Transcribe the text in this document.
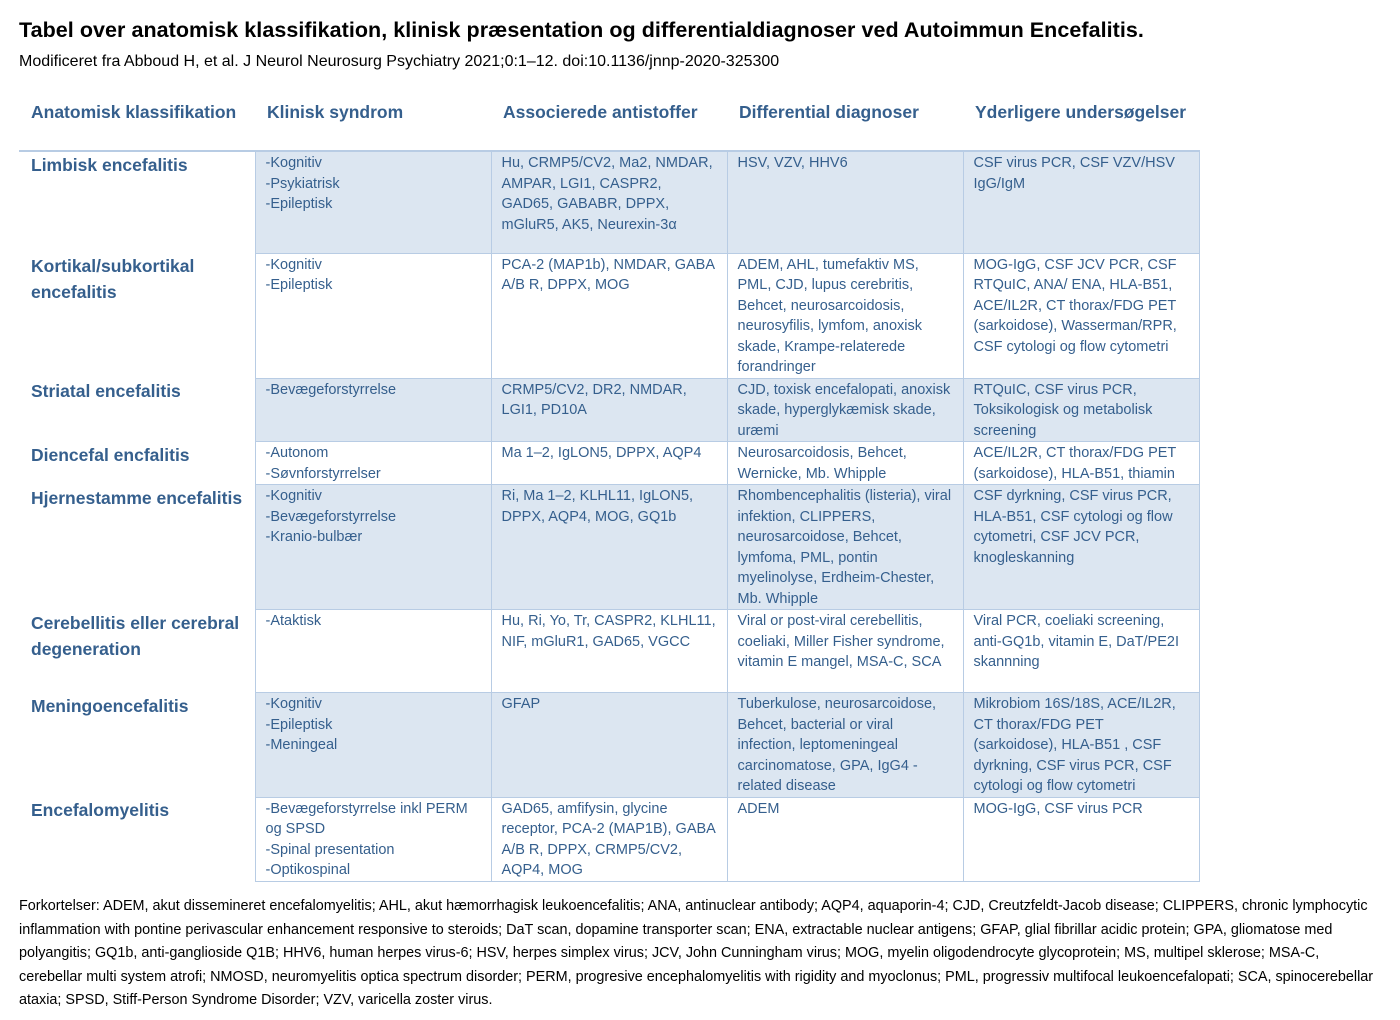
Tabel over anatomisk klassifikation, klinisk præsentation og differentialdiagnoser ved Autoimmun Encefalitis.
Modificeret fra Abboud H, et al. J Neurol Neurosurg Psychiatry 2021;0:1–12. doi:10.1136/jnnp-2020-325300
Anatomisk klassifikation	Klinisk syndrom	Associerede antistoffer	Differential diagnoser	Yderligere undersøgelser
Limbisk encefalitis	-Kognitiv
-Psykiatrisk
-Epileptisk	Hu, CRMP5/CV2, Ma2, NMDAR, AMPAR, LGI1, CASPR2, GAD65, GABABR, DPPX, mGluR5, AK5, Neurexin-3α	HSV, VZV, HHV6	CSF virus PCR, CSF VZV/HSV IgG/IgM
Kortikal/subkortikal encefalitis	-Kognitiv
-Epileptisk	PCA-2 (MAP1b), NMDAR, GABA A/B R, DPPX, MOG	ADEM, AHL, tumefaktiv MS, PML, CJD, lupus cerebritis, Behcet, neurosarcoidosis, neurosyfilis, lymfom, anoxisk skade, Krampe-relaterede forandringer	MOG-IgG, CSF JCV PCR, CSF RTQuIC, ANA/ ENA, HLA-B51, ACE/IL2R, CT thorax/FDG PET (sarkoidose), Wasserman/RPR, CSF cytologi og flow cytometri
Striatal encefalitis	-Bevægeforstyrrelse	CRMP5/CV2, DR2, NMDAR, LGI1, PD10A	CJD, toxisk encefalopati, anoxisk skade, hyperglykæmisk skade, uræmi	RTQuIC, CSF virus PCR, Toksikologisk og metabolisk screening
Diencefal encfalitis	-Autonom
-Søvnforstyrrelser	Ma 1–2, IgLON5, DPPX, AQP4	Neurosarcoidosis, Behcet, Wernicke, Mb. Whipple	ACE/IL2R, CT thorax/FDG PET (sarkoidose), HLA-B51, thiamin
Hjernestamme encefalitis	-Kognitiv
-Bevægeforstyrrelse
-Kranio-bulbær	Ri, Ma 1–2, KLHL11, IgLON5, DPPX, AQP4, MOG, GQ1b	Rhombencephalitis (listeria), viral infektion, CLIPPERS, neurosarcoidose, Behcet, lymfoma, PML, pontin myelinolyse, Erdheim-Chester, Mb. Whipple	CSF dyrkning, CSF virus PCR, HLA-B51, CSF cytologi og flow cytometri, CSF JCV PCR, knogleskanning
Cerebellitis eller cerebral degeneration	-Ataktisk	Hu, Ri, Yo, Tr, CASPR2, KLHL11, NIF, mGluR1, GAD65, VGCC	Viral or post-viral cerebellitis, coeliaki, Miller Fisher syndrome, vitamin E mangel, MSA-C, SCA	Viral PCR, coeliaki screening, anti-GQ1b, vitamin E, DaT/PE2I skannning
Meningoencefalitis	-Kognitiv
-Epileptisk
-Meningeal	GFAP	Tuberkulose, neurosarcoidose, Behcet, bacterial or viral infection, leptomeningeal carcinomatose, GPA, IgG4 -related disease	Mikrobiom 16S/18S, ACE/IL2R, CT thorax/FDG PET (sarkoidose), HLA-B51 , CSF dyrkning, CSF virus PCR, CSF cytologi og flow cytometri
Encefalomyelitis	-Bevægeforstyrrelse inkl PERM og SPSD
-Spinal presentation
-Optikospinal	GAD65, amfifysin, glycine receptor, PCA-2 (MAP1B), GABA A/B R, DPPX, CRMP5/CV2, AQP4, MOG	ADEM	MOG-IgG, CSF virus PCR
Forkortelser: ADEM, akut dissemineret encefalomyelitis; AHL, akut hæmorrhagisk leukoencefalitis; ANA, antinuclear antibody; AQP4, aquaporin-4; CJD, Creutzfeldt-Jacob disease; CLIPPERS, chronic lymphocytic inflammation with pontine perivascular enhancement responsive to steroids; DaT scan, dopamine transporter scan; ENA, extractable nuclear antigens; GFAP, glial fibrillar acidic protein; GPA, gliomatose med polyangitis; GQ1b, anti-ganglioside Q1B; HHV6, human herpes virus-6; HSV, herpes simplex virus; JCV, John Cunningham virus; MOG, myelin oligodendrocyte glycoprotein; MS, multipel sklerose; MSA-C, cerebellar multi system atrofi; NMOSD, neuromyelitis optica spectrum disorder; PERM, progresive encephalomyelitis with rigidity and myoclonus; PML, progressiv multifocal leukoencefalopati; SCA, spinocerebellar ataxia; SPSD, Stiff-Person Syndrome Disorder; VZV, varicella zoster virus.
